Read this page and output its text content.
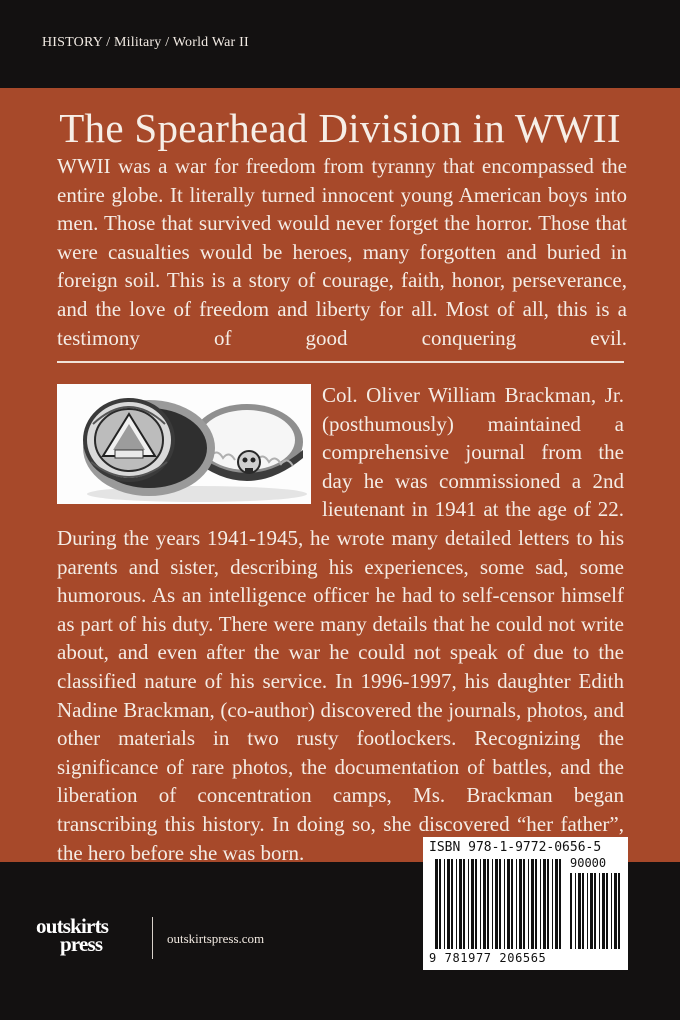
HISTORY / Military / World War II
The Spearhead Division in WWII
WWII was a war for freedom from tyranny that encompassed the entire globe. It literally turned innocent young American boys into men. Those that survived would never forget the horror. Those that were casualties would be heroes, many forgotten and buried in foreign soil. This is a story of courage, faith, honor, perseverance, and the love of freedom and liberty for all. Most of all, this is a testimony of good conquering evil.
Col. Oliver William Brackman, Jr. (posthumously) maintained a comprehensive journal from the day he was commissioned a 2nd lieutenant in 1941 at the age of 22. During the years 1941-1945, he wrote many detailed letters to his parents and sister, describing his experiences, some sad, some humorous. As an intelligence officer he had to self-censor himself as part of his duty. There were many details that he could not write about, and even after the war he could not speak of due to the classified nature of his service. In 1996-1997, his daughter Edith Nadine Brackman, (co-author) discovered the journals, photos, and other materials in two rusty footlockers. Recognizing the significance of rare photos, the documentation of battles, and the liberation of concentration camps, Ms. Brackman began transcribing this history. In doing so, she discovered “her father”, the hero before she was born.	ISBN 978-1-9772-0656-5
90000
9 781977 206565
outskirts
press	outskirtspress.com
